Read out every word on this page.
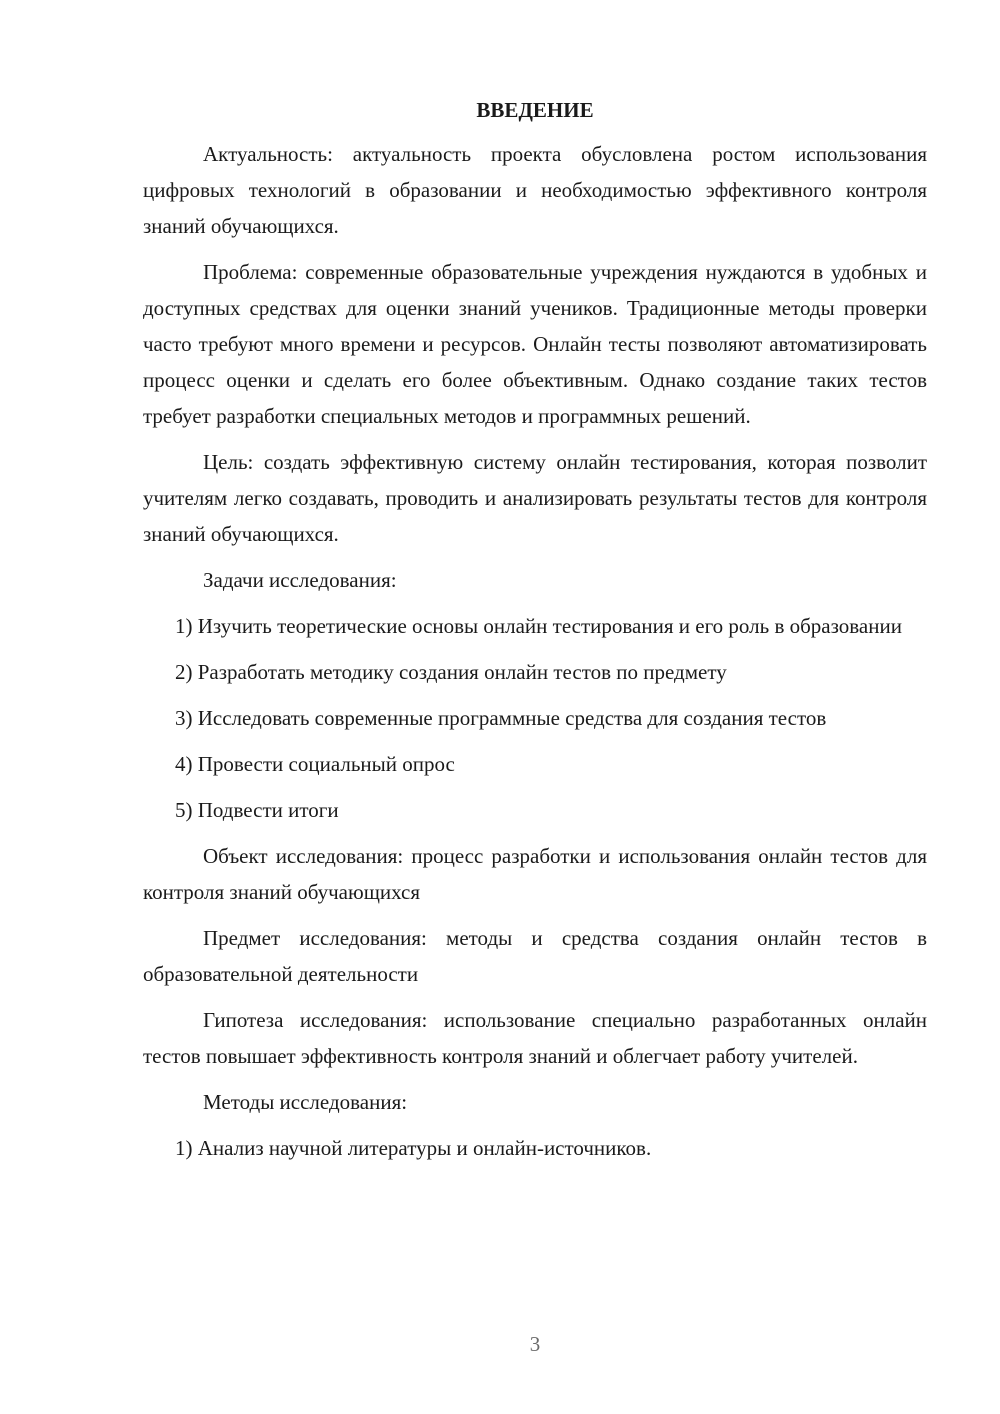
ВВЕДЕНИЕ

Актуальность: актуальность проекта обусловлена ростом использования цифровых технологий в образовании и необходимостью эффективного контроля знаний обучающихся.

Проблема: современные образовательные учреждения нуждаются в удобных и доступных средствах для оценки знаний учеников. Традиционные методы проверки часто требуют много времени и ресурсов. Онлайн тесты позволяют автоматизировать процесс оценки и сделать его более объективным. Однако создание таких тестов требует разработки специальных методов и программных решений.

Цель: создать эффективную систему онлайн тестирования, которая позволит учителям легко создавать, проводить и анализировать результаты тестов для контроля знаний обучающихся.

Задачи исследования:

1) Изучить теоретические основы онлайн тестирования и его роль в образовании

2) Разработать методику создания онлайн тестов по предмету

3) Исследовать современные программные средства для создания тестов

4) Провести социальный опрос

5) Подвести итоги

Объект исследования: процесс разработки и использования онлайн тестов для контроля знаний обучающихся

Предмет исследования: методы и средства создания онлайн тестов в образовательной деятельности

Гипотеза исследования: использование специально разработанных онлайн тестов повышает эффективность контроля знаний и облегчает работу учителей.

Методы исследования:

1) Анализ научной литературы и онлайн-источников.

3
